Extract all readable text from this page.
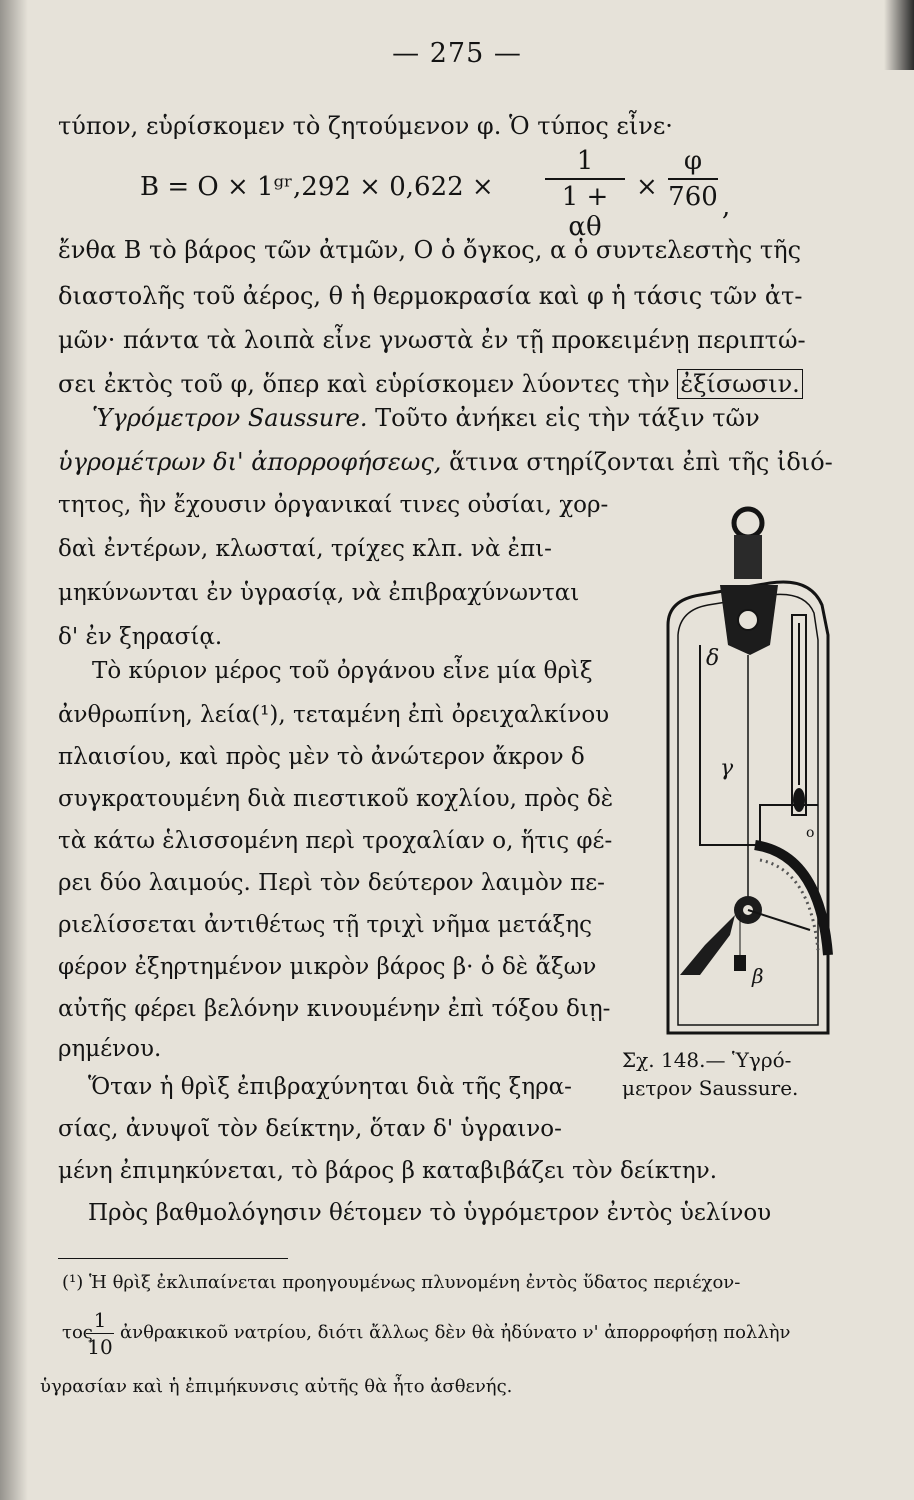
— 275 —
τύπον, εὑρίσκομεν τὸ ζητούμενον φ. Ὁ τύπος εἶνε·
B = O × 1ᵍʳ,292 × 0,622 ×
1
1 + αθ
×
φ
760 ,
ἔνθα B τὸ βάρος τῶν ἀτμῶν, O ὁ ὄγκος, α ὁ συντελεστὴς τῆς
διαστολῆς τοῦ ἀέρος, θ ἡ θερμοκρασία καὶ φ ἡ τάσις τῶν ἀτ-
μῶν· πάντα τὰ λοιπὰ εἶνε γνωστὰ ἐν τῇ προκειμένῃ περιπτώ-
σει ἐκτὸς τοῦ φ, ὅπερ καὶ εὑρίσκομεν λύοντες τὴν ἐξίσωσιν.
Ὑγρόμετρον Saussure. Τοῦτο ἀνήκει εἰς τὴν τάξιν τῶν
ὑγρομέτρων δι' ἀπορροφήσεως, ἅτινα στηρίζονται ἐπὶ τῆς ἰδιό-
τητος, ἣν ἔχουσιν ὀργανικαί τινες οὐσίαι, χορ-
δαὶ ἐντέρων, κλωσταί, τρίχες κλπ. νὰ ἐπι-
μηκύνωνται ἐν ὑγρασίᾳ, νὰ ἐπιβραχύνωνται
δ' ἐν ξηρασίᾳ.
Τὸ κύριον μέρος τοῦ ὀργάνου εἶνε μία θρὶξ
ἀνθρωπίνη, λεία(¹), τεταμένη ἐπὶ ὀρειχαλκίνου
πλαισίου, καὶ πρὸς μὲν τὸ ἀνώτερον ἄκρον δ
συγκρατουμένη διὰ πιεστικοῦ κοχλίου, πρὸς δὲ
τὰ κάτω ἑλισσομένη περὶ τροχαλίαν ο, ἥτις φέ-
ρει δύο λαιμούς. Περὶ τὸν δεύτερον λαιμὸν πε-
ριελίσσεται ἀντιθέτως τῇ τριχὶ νῆμα μετάξης
φέρον ἐξηρτημένον μικρὸν βάρος β· ὁ δὲ ἄξων
αὐτῆς φέρει βελόνην κινουμένην ἐπὶ τόξου διῃ-
ρημένου.
Ὅταν ἡ θρὶξ ἐπιβραχύνηται διὰ τῆς ξηρα-
σίας, ἀνυψοῖ τὸν δείκτην, ὅταν δ' ὑγραινο-
μένη ἐπιμηκύνεται, τὸ βάρος β καταβιβάζει τὸν δείκτην.
Πρὸς βαθμολόγησιν θέτομεν τὸ ὑγρόμετρον ἐντὸς ὑελίνου
δ
γ
o
β
Σχ. 148.— Ὑγρό-
μετρον Saussure.
(¹) Ἡ θρὶξ ἐκλιπαίνεται προηγουμένως πλυνομένη ἐντὸς ὕδατος περιέχον-
τος
1
10
ἀνθρακικοῦ νατρίου, διότι ἄλλως δὲν θὰ ἠδύνατο ν' ἀπορροφήσῃ πολλὴν
ὑγρασίαν καὶ ἡ ἐπιμήκυνσις αὐτῆς θὰ ἦτο ἀσθενής.
